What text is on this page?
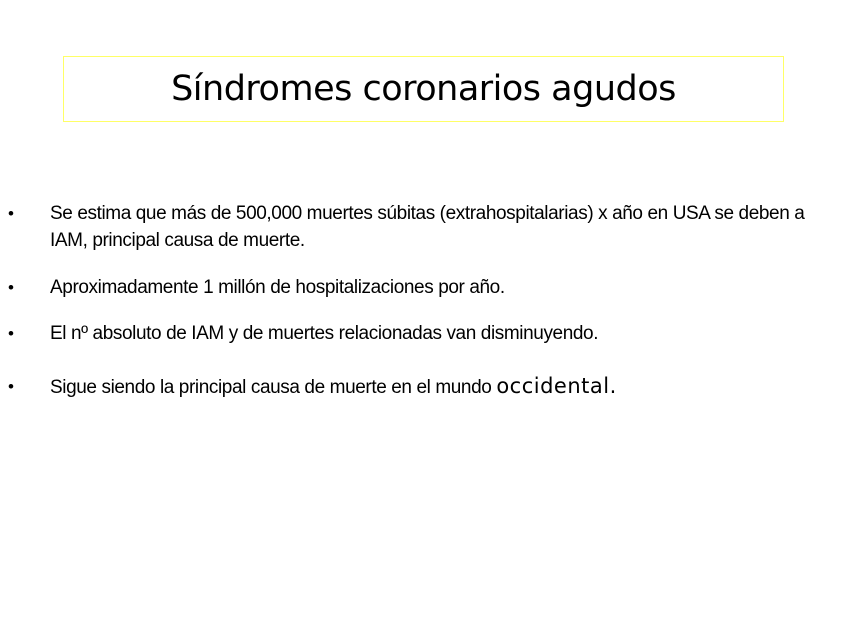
Síndromes coronarios agudos
•	Se estima que más de 500,000 muertes súbitas (extrahospitalarias) x año en USA se deben a IAM, principal causa de muerte.
•	Aproximadamente 1 millón de hospitalizaciones por año.
•	El nº absoluto de IAM y de muertes relacionadas van disminuyendo.
•	Sigue siendo la principal causa de muerte en el mundo occidental.
